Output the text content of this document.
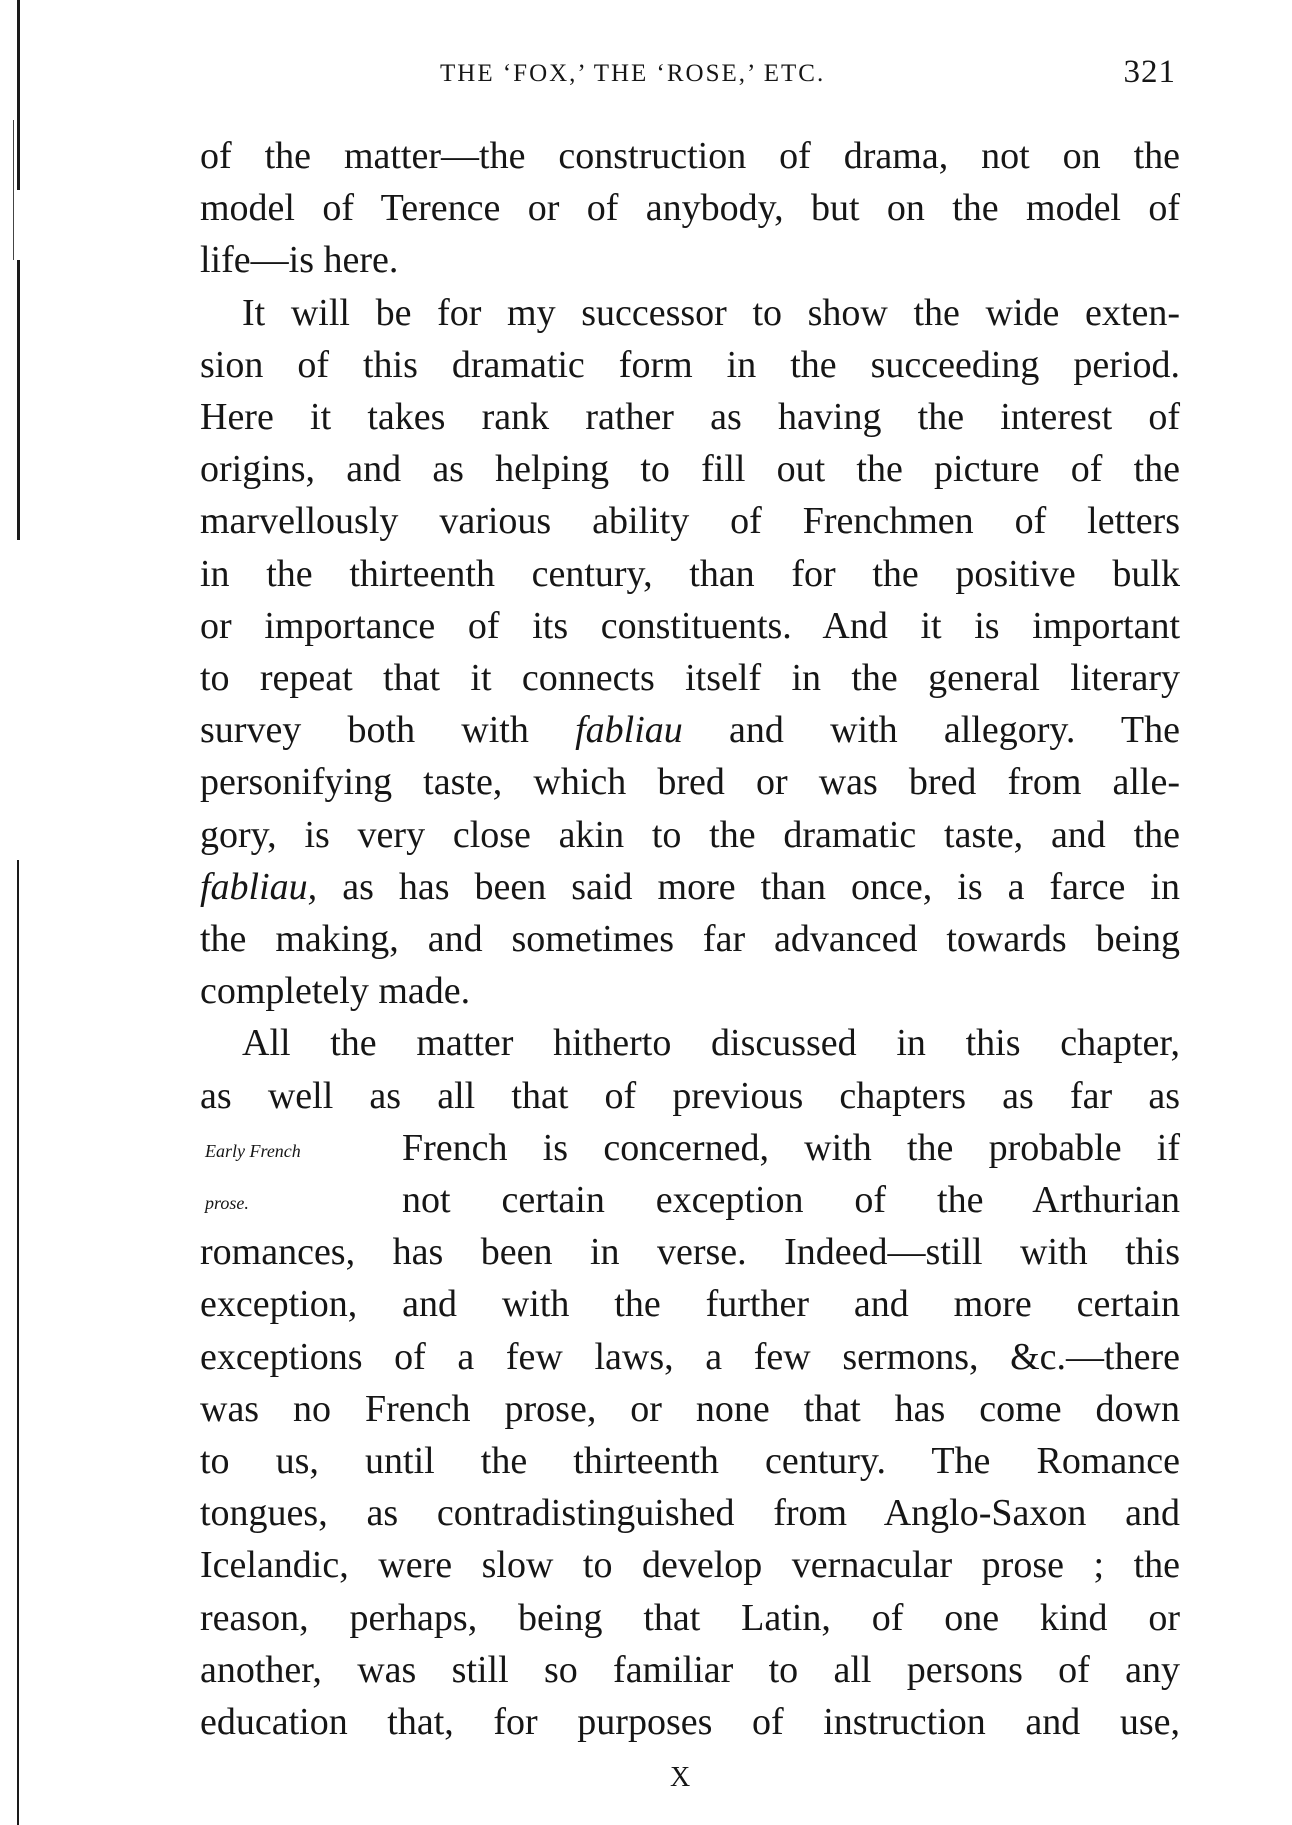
THE ‘FOX,’ THE ‘ROSE,’ ETC.	321
of the matter—the construction of drama, not on the
model of Terence or of anybody, but on the model of
life—is here.
It will be for my successor to show the wide exten-
sion of this dramatic form in the succeeding period.
Here it takes rank rather as having the interest of
origins, and as helping to fill out the picture of the
marvellously various ability of Frenchmen of letters
in the thirteenth century, than for the positive bulk
or importance of its constituents. And it is important
to repeat that it connects itself in the general literary
survey both with fabliau and with allegory. The
personifying taste, which bred or was bred from alle-
gory, is very close akin to the dramatic taste, and the
fabliau, as has been said more than once, is a farce in
the making, and sometimes far advanced towards being
completely made.
All the matter hitherto discussed in this chapter,
as well as all that of previous chapters as far as
French is concerned, with the probable if
not certain exception of the Arthurian
romances, has been in verse. Indeed—still with this
exception, and with the further and more certain
exceptions of a few laws, a few sermons, &c.—there
was no French prose, or none that has come down
to us, until the thirteenth century. The Romance
tongues, as contradistinguished from Anglo-Saxon and
Icelandic, were slow to develop vernacular prose ; the
reason, perhaps, being that Latin, of one kind or
another, was still so familiar to all persons of any
education that, for purposes of instruction and use,
Early French
prose.
X
